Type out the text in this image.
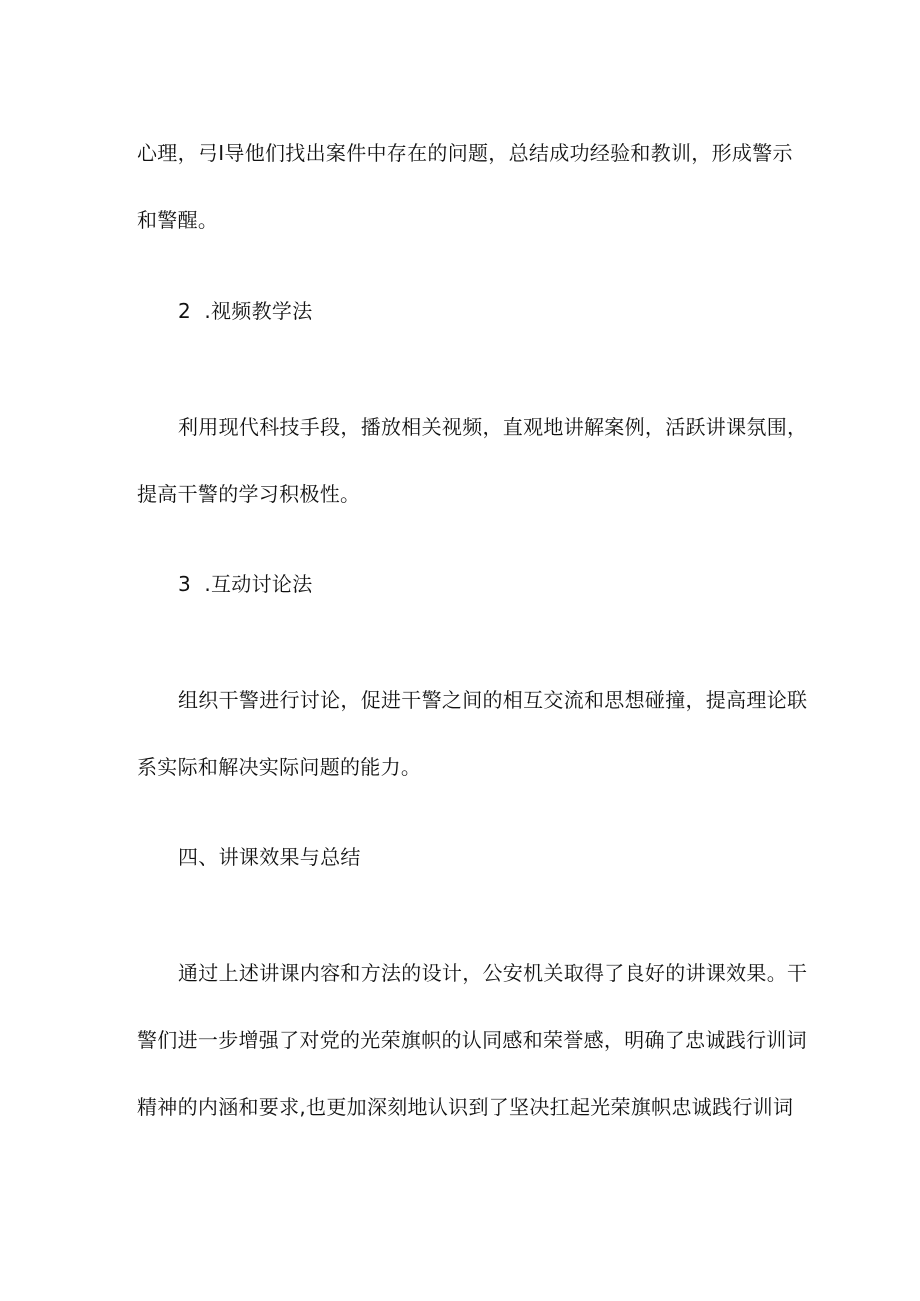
心理，弓I导他们找出案件中存在的问题，总结成功经验和教训，形成警示

和警醒。

2  .视频教学法

利用现代科技手段，播放相关视频，直观地讲解案例，活跃讲课氛围，

提高干警的学习积极性。

3  .互动讨论法

组织干警进行讨论，促进干警之间的相互交流和思想碰撞，提高理论联

系实际和解决实际问题的能力。

四、讲课效果与总结

通过上述讲课内容和方法的设计，公安机关取得了良好的讲课效果。干

警们进一步增强了对党的光荣旗帜的认同感和荣誉感，明确了忠诚践行训词

精神的内涵和要求,也更加深刻地认识到了坚决扛起光荣旗帜忠诚践行训词
